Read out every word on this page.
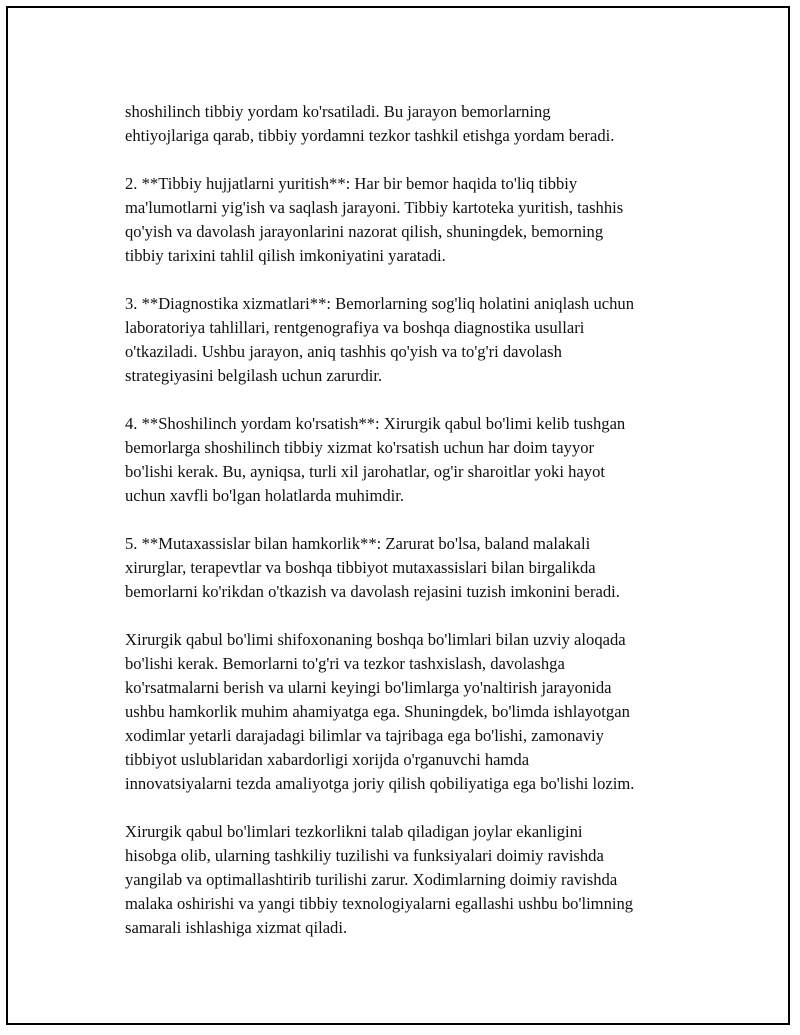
shoshilinch tibbiy yordam ko'rsatiladi. Bu jarayon bemorlarning
ehtiyojlariga qarab, tibbiy yordamni tezkor tashkil etishga yordam beradi.

2. **Tibbiy hujjatlarni yuritish**: Har bir bemor haqida to'liq tibbiy
ma'lumotlarni yig'ish va saqlash jarayoni. Tibbiy kartoteka yuritish, tashhis
qo'yish va davolash jarayonlarini nazorat qilish, shuningdek, bemorning
tibbiy tarixini tahlil qilish imkoniyatini yaratadi.

3. **Diagnostika xizmatlari**: Bemorlarning sog'liq holatini aniqlash uchun
laboratoriya tahlillari, rentgenografiya va boshqa diagnostika usullari
o'tkaziladi. Ushbu jarayon, aniq tashhis qo'yish va to'g'ri davolash
strategiyasini belgilash uchun zarurdir.

4. **Shoshilinch yordam ko'rsatish**: Xirurgik qabul bo'limi kelib tushgan
bemorlarga shoshilinch tibbiy xizmat ko'rsatish uchun har doim tayyor
bo'lishi kerak. Bu, ayniqsa, turli xil jarohatlar, og'ir sharoitlar yoki hayot
uchun xavfli bo'lgan holatlarda muhimdir.

5. **Mutaxassislar bilan hamkorlik**: Zarurat bo'lsa, baland malakali
xirurglar, terapevtlar va boshqa tibbiyot mutaxassislari bilan birgalikda
bemorlarni ko'rikdan o'tkazish va davolash rejasini tuzish imkonini beradi.

Xirurgik qabul bo'limi shifoxonaning boshqa bo'limlari bilan uzviy aloqada
bo'lishi kerak. Bemorlarni to'g'ri va tezkor tashxislash, davolashga
ko'rsatmalarni berish va ularni keyingi bo'limlarga yo'naltirish jarayonida
ushbu hamkorlik muhim ahamiyatga ega. Shuningdek, bo'limda ishlayotgan
xodimlar yetarli darajadagi bilimlar va tajribaga ega bo'lishi, zamonaviy
tibbiyot uslublaridan xabardorligi xorijda o'rganuvchi hamda
innovatsiyalarni tezda amaliyotga joriy qilish qobiliyatiga ega bo'lishi lozim.

Xirurgik qabul bo'limlari tezkorlikni talab qiladigan joylar ekanligini
hisobga olib, ularning tashkiliy tuzilishi va funksiyalari doimiy ravishda
yangilab va optimallashtirib turilishi zarur. Xodimlarning doimiy ravishda
malaka oshirishi va yangi tibbiy texnologiyalarni egallashi ushbu bo'limning
samarali ishlashiga xizmat qiladi.
